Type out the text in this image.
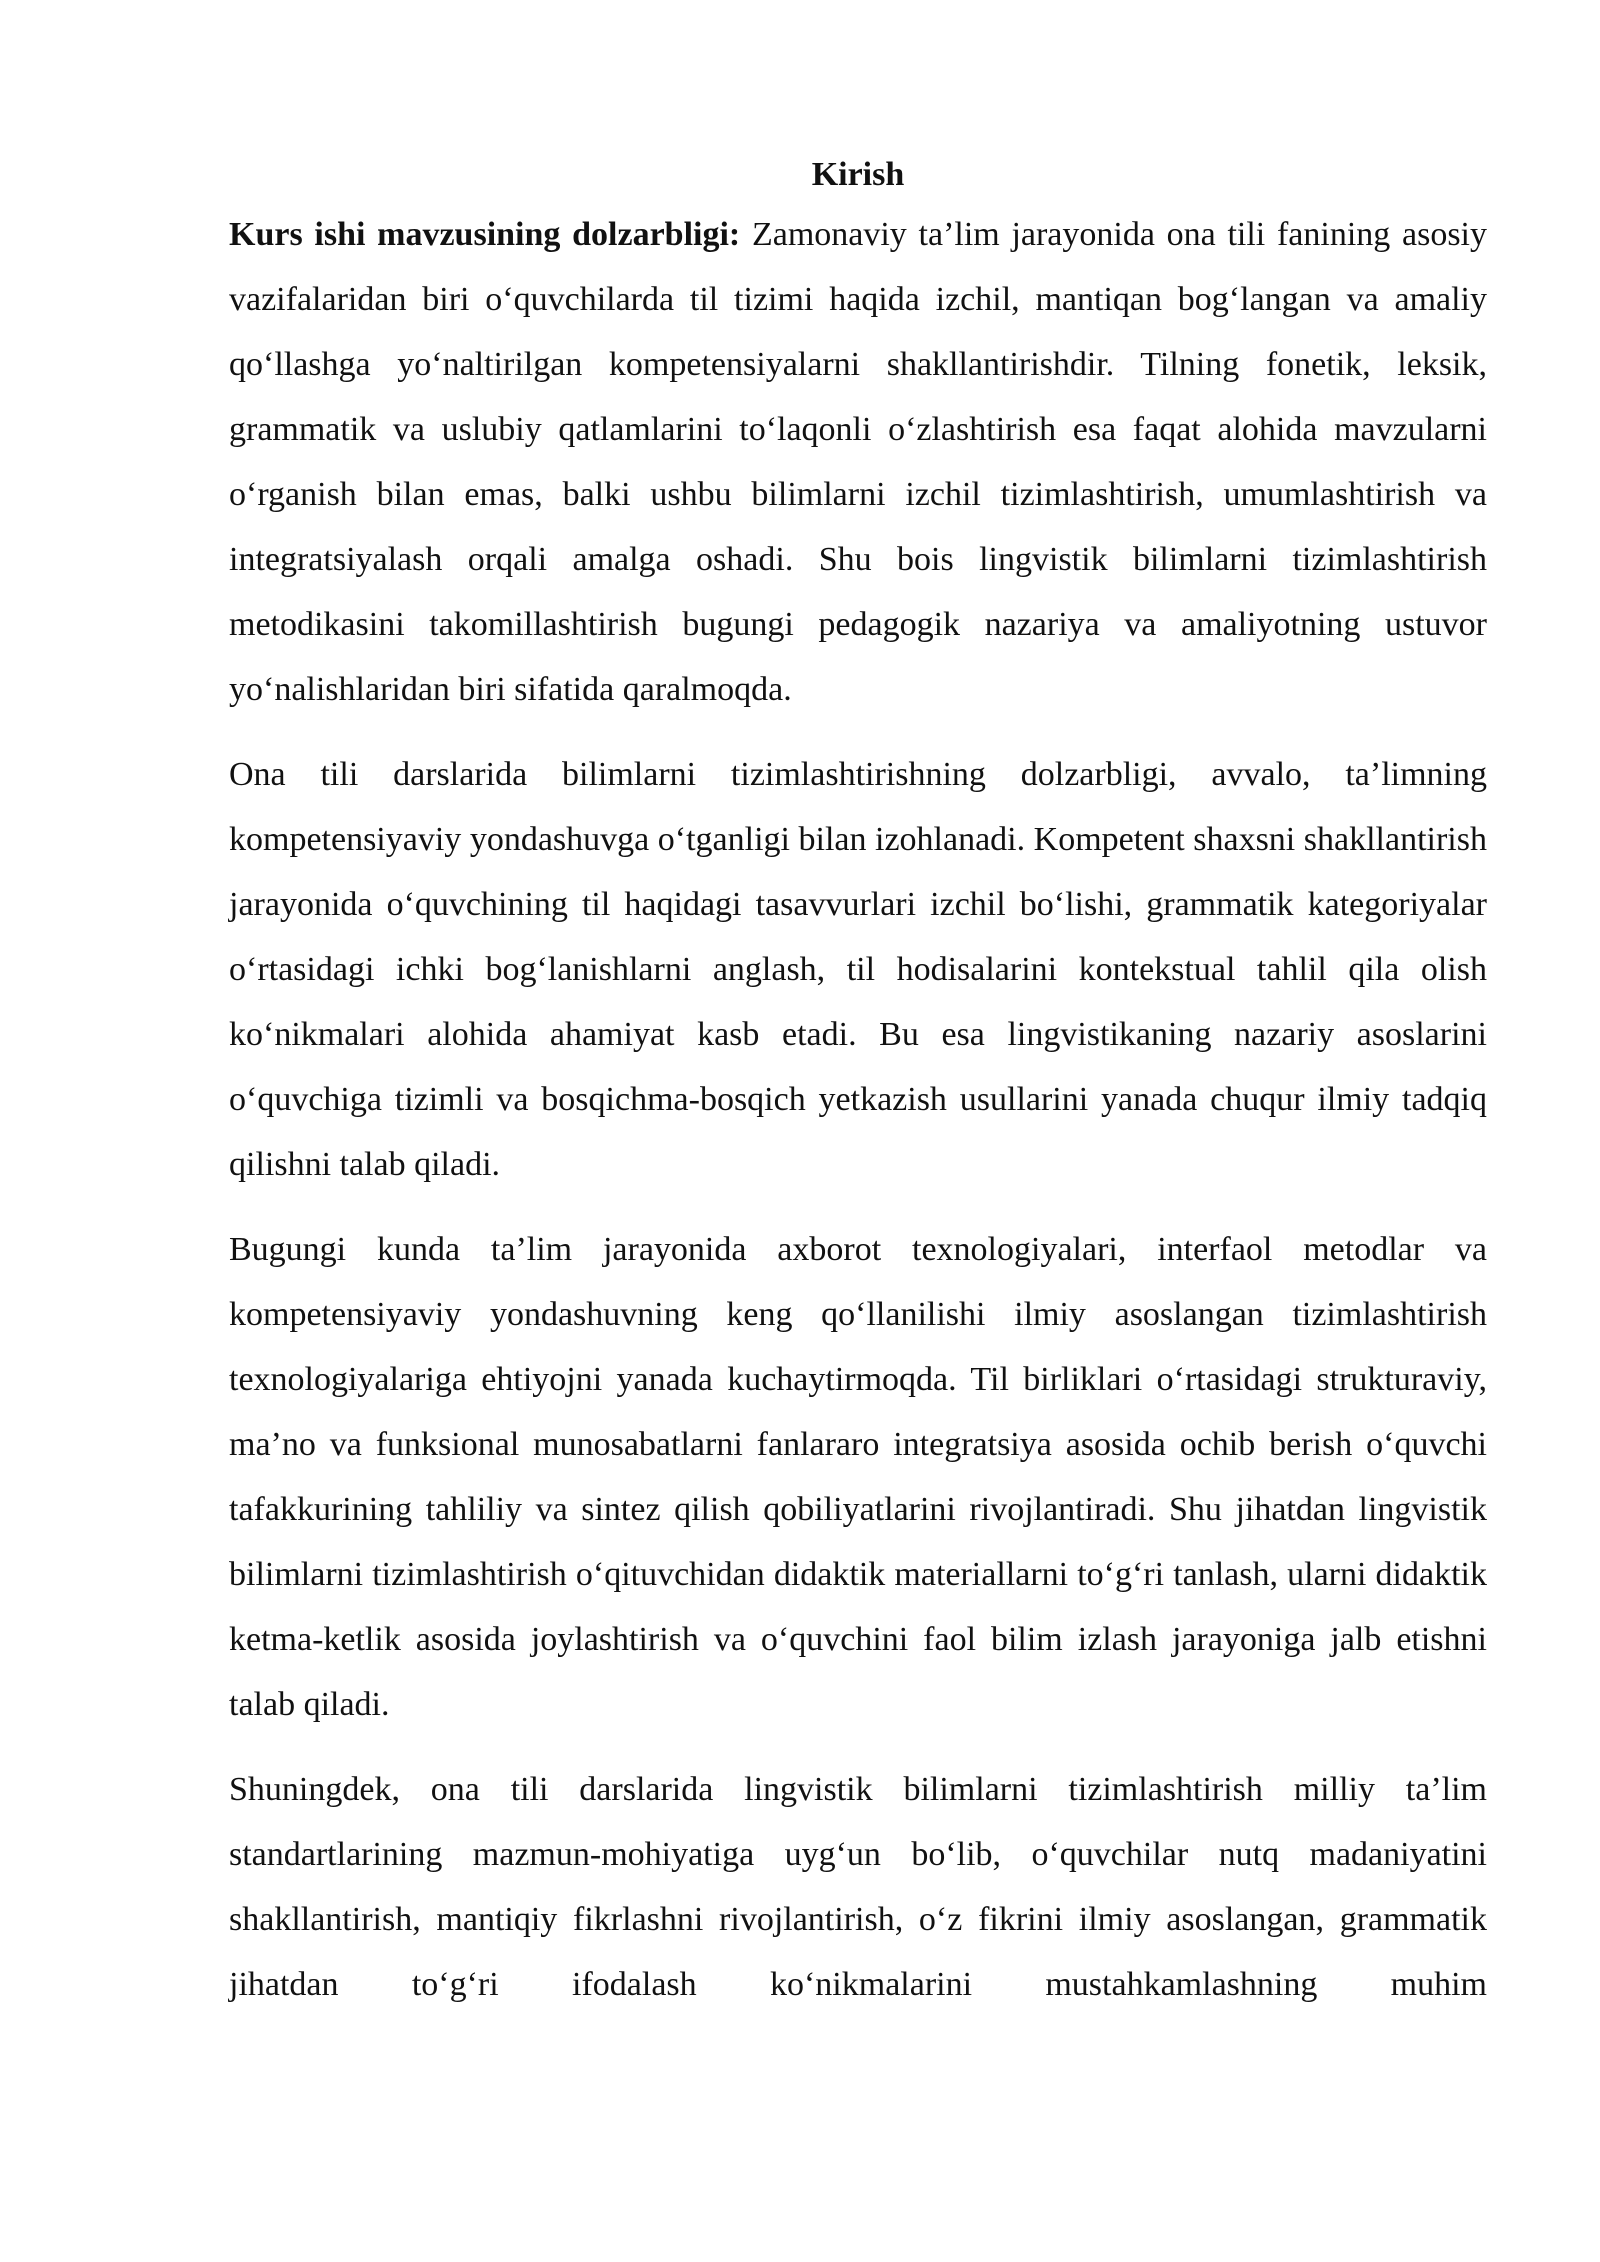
Kirish

Kurs ishi mavzusining dolzarbligi: Zamonaviy ta’lim jarayonida ona tili fanining asosiy vazifalaridan biri o‘quvchilarda til tizimi haqida izchil, mantiqan bog‘langan va amaliy qo‘llashga yo‘naltirilgan kompetensiyalarni shakllantirishdir. Tilning fonetik, leksik, grammatik va uslubiy qatlamlarini to‘laqonli o‘zlashtirish esa faqat alohida mavzularni o‘rganish bilan emas, balki ushbu bilimlarni izchil tizimlashtirish, umumlashtirish va integratsiyalash orqali amalga oshadi. Shu bois lingvistik bilimlarni tizimlashtirish metodikasini takomillashtirish bugungi pedagogik nazariya va amaliyotning ustuvor yo‘nalishlaridan biri sifatida qaralmoqda.

Ona tili darslarida bilimlarni tizimlashtirishning dolzarbligi, avvalo, ta’limning kompetensiyaviy yondashuvga o‘tganligi bilan izohlanadi. Kompetent shaxsni shakllantirish jarayonida o‘quvchining til haqidagi tasavvurlari izchil bo‘lishi, grammatik kategoriyalar o‘rtasidagi ichki bog‘lanishlarni anglash, til hodisalarini kontekstual tahlil qila olish ko‘nikmalari alohida ahamiyat kasb etadi. Bu esa lingvistikaning nazariy asoslarini o‘quvchiga tizimli va bosqichma-bosqich yetkazish usullarini yanada chuqur ilmiy tadqiq qilishni talab qiladi.

Bugungi kunda ta’lim jarayonida axborot texnologiyalari, interfaol metodlar va kompetensiyaviy yondashuvning keng qo‘llanilishi ilmiy asoslangan tizimlashtirish texnologiyalariga ehtiyojni yanada kuchaytirmoqda. Til birliklari o‘rtasidagi strukturaviy, ma’no va funksional munosabatlarni fanlararo integratsiya asosida ochib berish o‘quvchi tafakkurining tahliliy va sintez qilish qobiliyatlarini rivojlantiradi. Shu jihatdan lingvistik bilimlarni tizimlashtirish o‘qituvchidan didaktik materiallarni to‘g‘ri tanlash, ularni didaktik ketma-ketlik asosida joylashtirish va o‘quvchini faol bilim izlash jarayoniga jalb etishni talab qiladi.

Shuningdek, ona tili darslarida lingvistik bilimlarni tizimlashtirish milliy ta’lim standartlarining mazmun-mohiyatiga uyg‘un bo‘lib, o‘quvchilar nutq madaniyatini shakllantirish, mantiqiy fikrlashni rivojlantirish, o‘z fikrini ilmiy asoslangan, grammatik jihatdan to‘g‘ri ifodalash ko‘nikmalarini mustahkamlashning muhim
